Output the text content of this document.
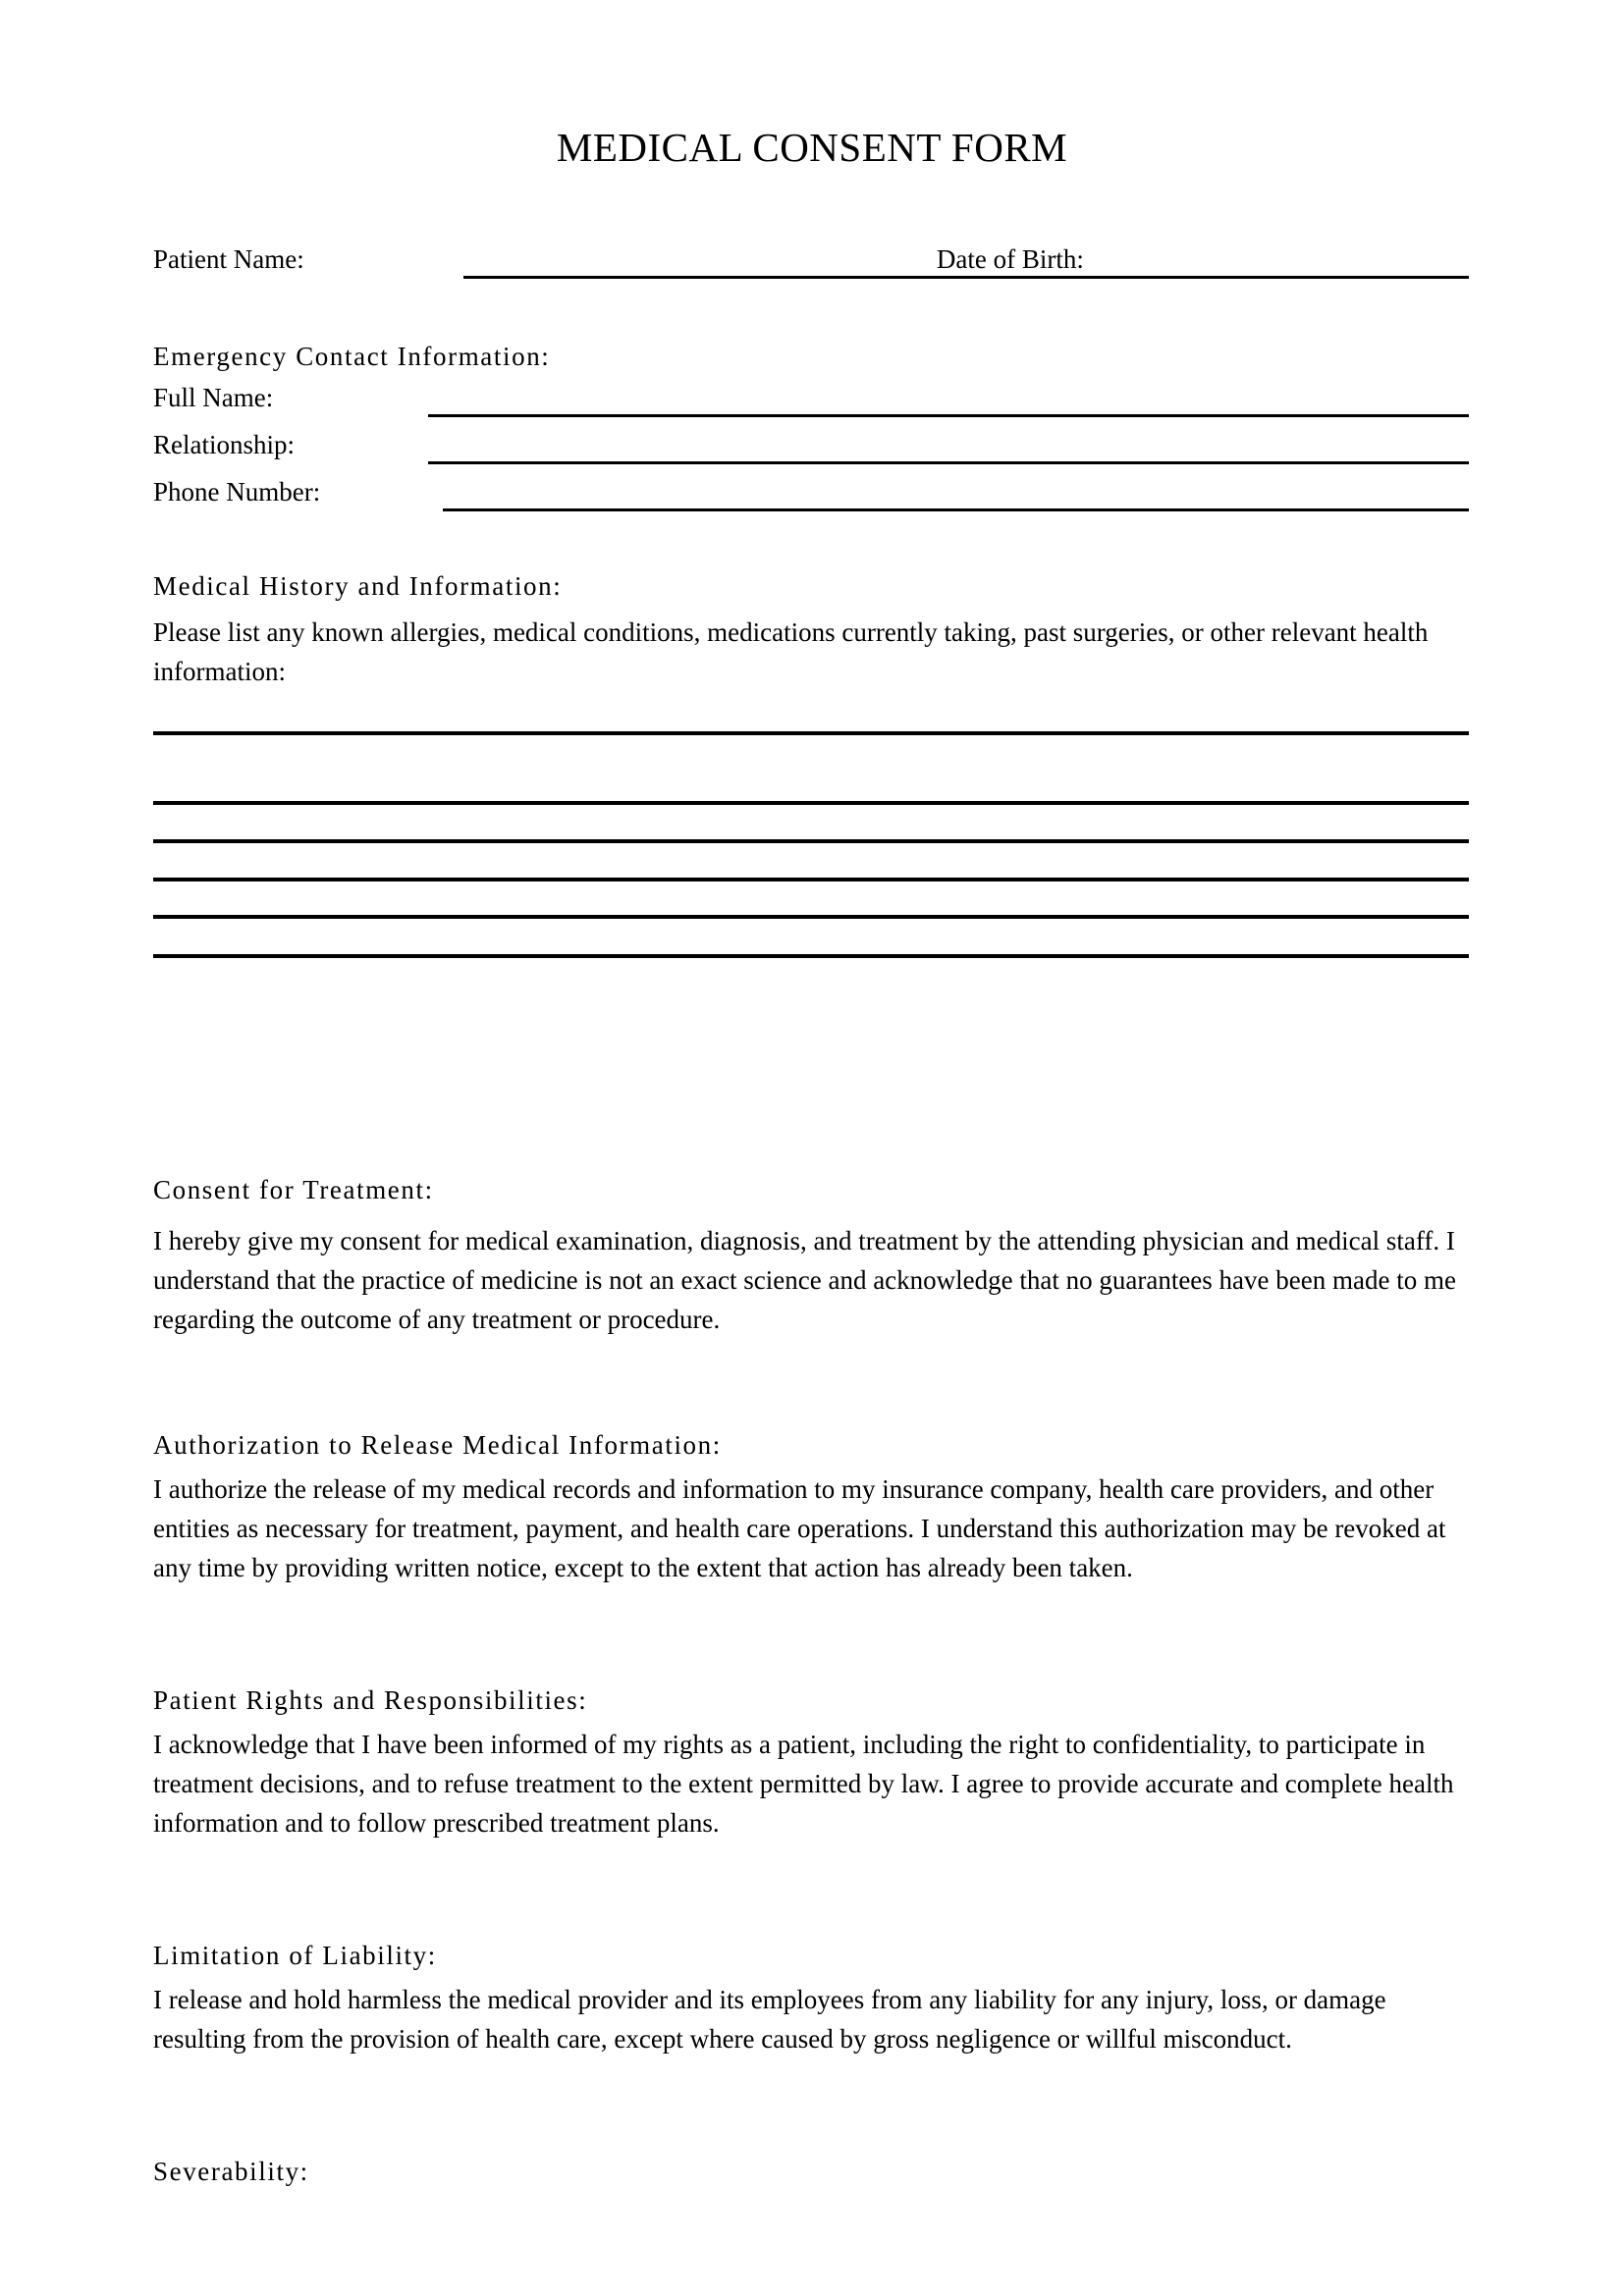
MEDICAL CONSENT FORM
Patient Name:	Date of Birth:
Emergency Contact Information:
Full Name:
Relationship:
Phone Number:
Medical History and Information:

Please list any known allergies, medical conditions, medications currently taking, past surgeries, or other relevant health information:

Consent for Treatment:

I hereby give my consent for medical examination, diagnosis, and treatment by the attending physician and medical staff. I understand that the practice of medicine is not an exact science and acknowledge that no guarantees have been made to me regarding the outcome of any treatment or procedure.

Authorization to Release Medical Information:

I authorize the release of my medical records and information to my insurance company, health care providers, and other entities as necessary for treatment, payment, and health care operations. I understand this authorization may be revoked at any time by providing written notice, except to the extent that action has already been taken.

Patient Rights and Responsibilities:

I acknowledge that I have been informed of my rights as a patient, including the right to confidentiality, to participate in treatment decisions, and to refuse treatment to the extent permitted by law. I agree to provide accurate and complete health information and to follow prescribed treatment plans.

Limitation of Liability:

I release and hold harmless the medical provider and its employees from any liability for any injury, loss, or damage resulting from the provision of health care, except where caused by gross negligence or willful misconduct.

Severability:
